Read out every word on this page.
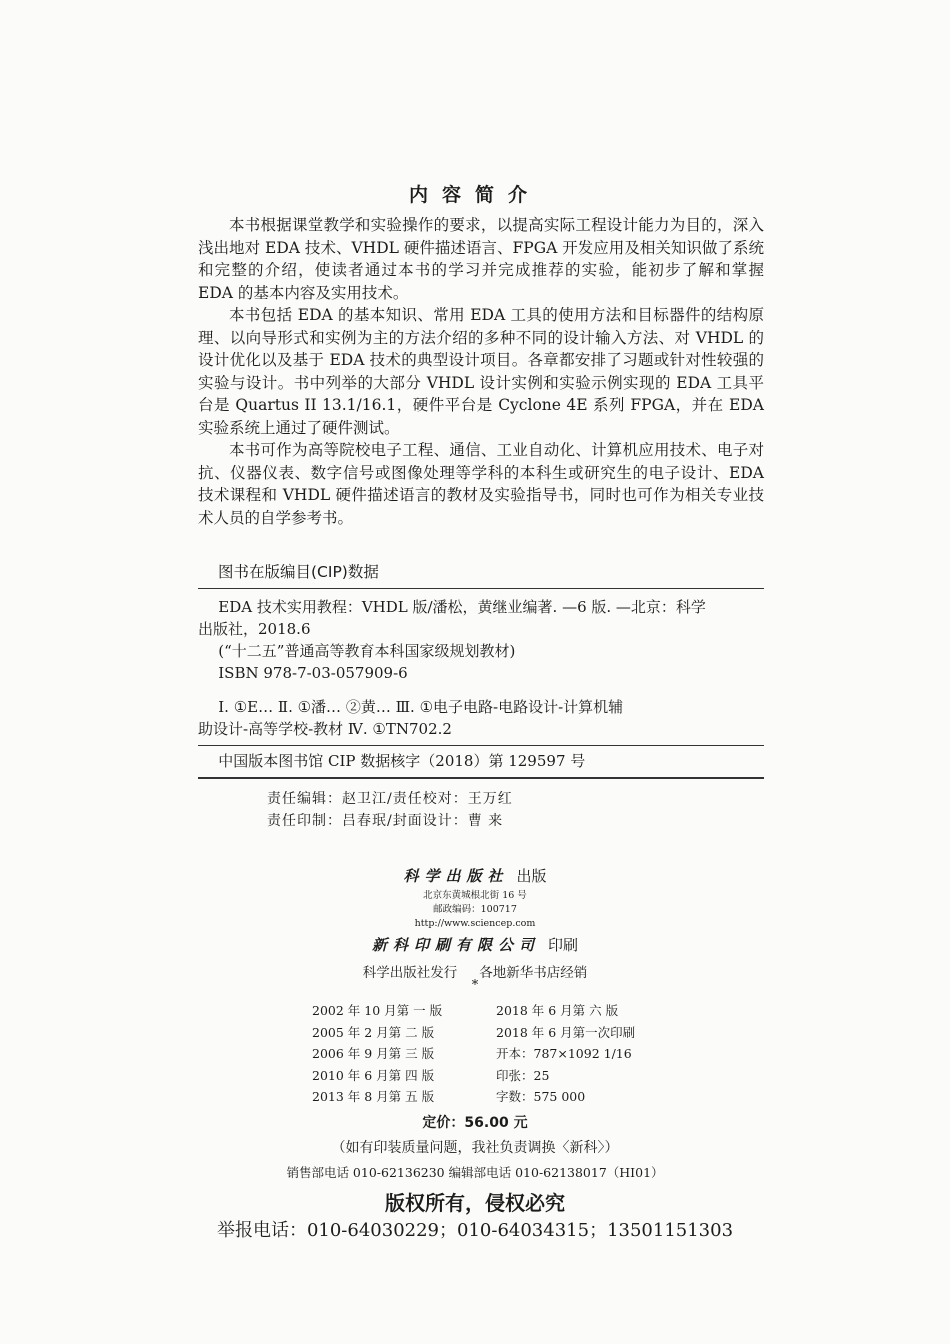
内容简介

本书根据课堂教学和实验操作的要求，以提高实际工程设计能力为目的，深入浅出地对 EDA 技术、VHDL 硬件描述语言、FPGA 开发应用及相关知识做了系统和完整的介绍，使读者通过本书的学习并完成推荐的实验，能初步了解和掌握 EDA 的基本内容及实用技术。

本书包括 EDA 的基本知识、常用 EDA 工具的使用方法和目标器件的结构原理、以向导形式和实例为主的方法介绍的多种不同的设计输入方法、对 VHDL 的设计优化以及基于 EDA 技术的典型设计项目。各章都安排了习题或针对性较强的实验与设计。书中列举的大部分 VHDL 设计实例和实验示例实现的 EDA 工具平台是 Quartus II 13.1/16.1，硬件平台是 Cyclone 4E 系列 FPGA，并在 EDA 实验系统上通过了硬件测试。

本书可作为高等院校电子工程、通信、工业自动化、计算机应用技术、电子对抗、仪器仪表、数字信号或图像处理等学科的本科生或研究生的电子设计、EDA 技术课程和 VHDL 硬件描述语言的教材及实验指导书，同时也可作为相关专业技术人员的自学参考书。

图书在版编目(CIP)数据

EDA 技术实用教程：VHDL 版/潘松，黄继业编著. —6 版. —北京：科学

出版社，2018.6

(“十二五”普通高等教育本科国家级规划教材)

ISBN 978-7-03-057909-6

Ⅰ. ①E… Ⅱ. ①潘… ②黄… Ⅲ. ①电子电路-电路设计-计算机辅

助设计-高等学校-教材 Ⅳ. ①TN702.2

中国版本图书馆 CIP 数据核字（2018）第 129597 号

责任编辑：赵卫江/责任校对：王万红
责任印制：吕春珉/封面设计：曹 来
科学出版社 出版
北京东黄城根北街 16 号
邮政编码：100717
http://www.sciencep.com
新科印刷有限公司 印刷
科学出版社发行 各地新华书店经销
*
2002 年 10 月第 一 版	2018 年 6 月第 六 版
2005 年 2 月第 二 版	2018 年 6 月第一次印刷
2006 年 9 月第 三 版	开本：787×1092 1/16
2010 年 6 月第 四 版	印张：25
2013 年 8 月第 五 版	字数：575 000
定价：56.00 元
（如有印装质量问题，我社负责调换〈新科〉）
销售部电话 010-62136230 编辑部电话 010-62138017（HI01）
版权所有，侵权必究
举报电话：010-64030229；010-64034315；13501151303
